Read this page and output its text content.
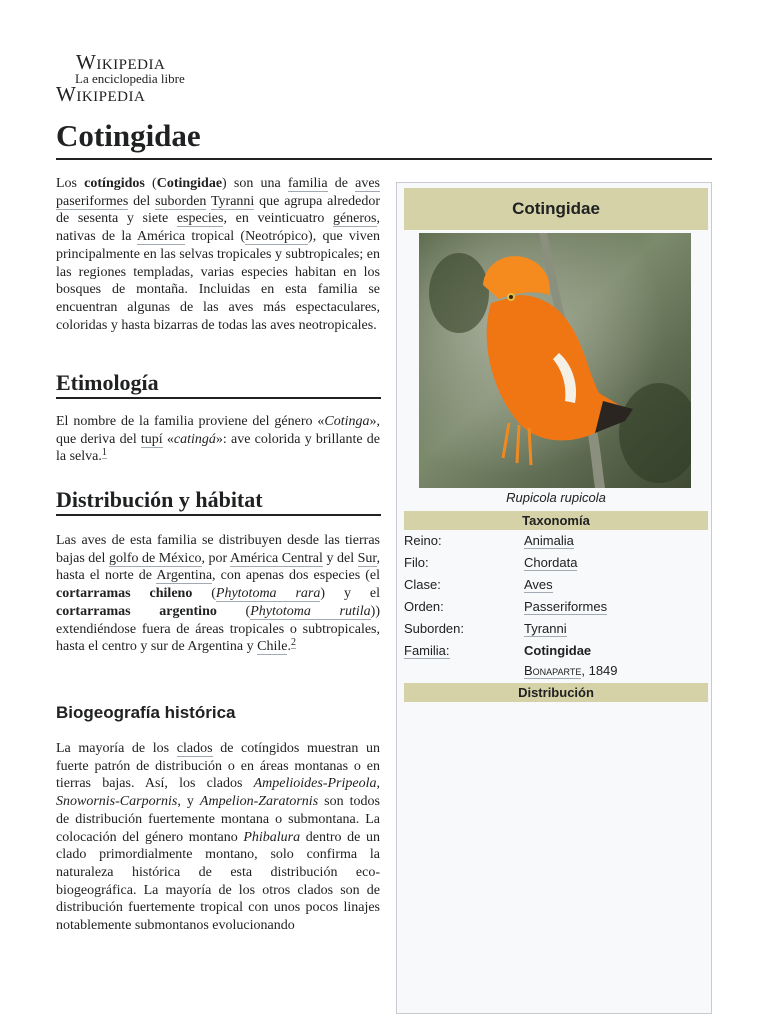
Wikipedia
La enciclopedia libre
Wikipedia
Cotingidae

Los cotíngidos (Cotingidae) son una familia de aves paseriformes del suborden Tyranni que agrupa alrededor de sesenta y siete especies, en veinticuatro géneros, nativas de la América tropical (Neotrópico), que viven principalmente en las selvas tropicales y subtropicales; en las regiones templadas, varias especies habitan en los bosques de montaña. Incluidas en esta familia se encuentran algunas de las aves más espectaculares, coloridas y hasta bizarras de todas las aves neotropicales.

Etimología

El nombre de la familia proviene del género «Cotinga», que deriva del tupí «catingá»: ave colorida y brillante de la selva.$^1$

Distribución y hábitat

Las aves de esta familia se distribuyen desde las tierras bajas del golfo de México, por América Central y del Sur, hasta el norte de Argentina, con apenas dos especies (el cortarramas chileno (Phytotoma rara) y el cortarramas argentino (Phytotoma rutila)) extendiéndose fuera de áreas tropicales o subtropicales, hasta el centro y sur de Argentina y Chile.$^2$

Biogeografía histórica

La mayoría de los clados de cotíngidos muestran un fuerte patrón de distribución o en áreas montanas o en tierras bajas. Así, los clados Ampelioides-Pripeola, Snowornis-Carpornis, y Ampelion-Zaratornis son todos de distribución fuertemente montana o submontana. La colocación del género montano Phibalura dentro de un clado primordialmente montano, solo confirma la naturaleza histórica de esta distribución eco-biogeográfica. La mayoría de los otros clados son de distribución fuertemente tropical con unos pocos linajes notablemente submontanos evolucionando

Cotingidae
Rupicola rupicola
Taxonomía
Reino:	Animalia
Filo:	Chordata
Clase:	Aves
Orden:	Passeriformes
Suborden:	Tyranni
Familia:	Cotingidae
Bonaparte, 1849
Distribución
